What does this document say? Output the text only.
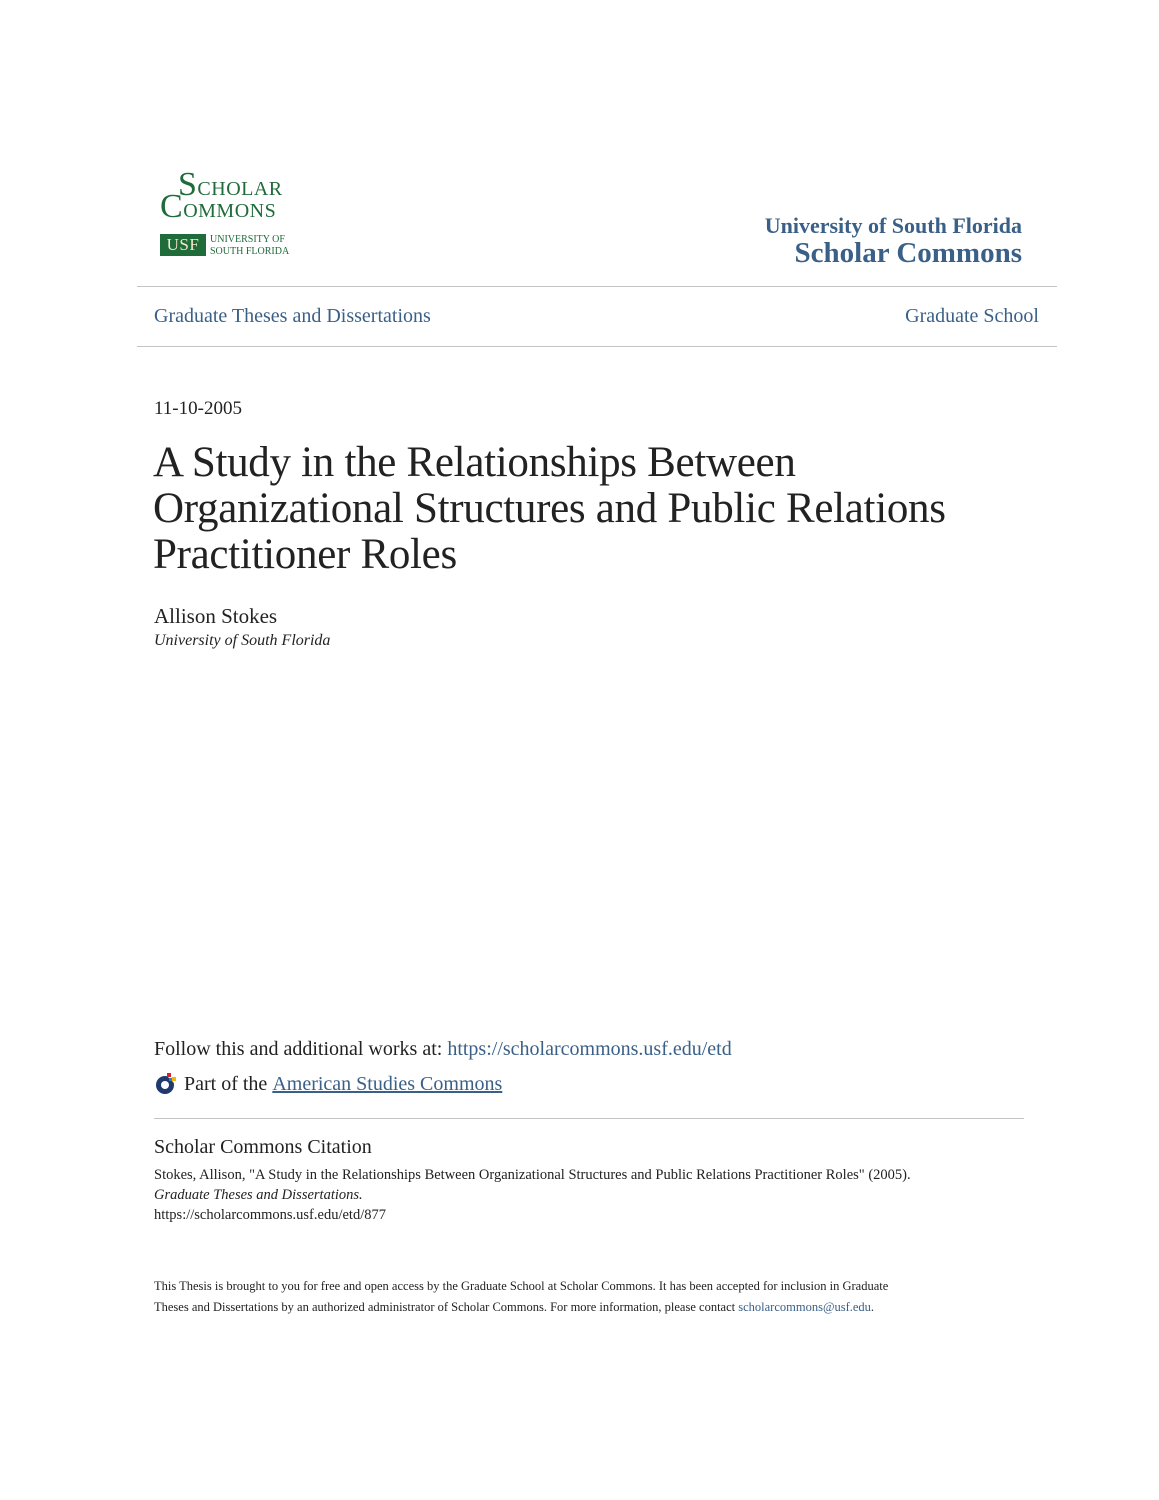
SCHOLAR
COMMONS
USF	UNIVERSITY OF
SOUTH FLORIDA
University of South Florida
Scholar Commons
Graduate Theses and Dissertations	Graduate School
11-10-2005
A Study in the Relationships Between Organizational Structures and Public Relations Practitioner Roles
Allison Stokes
University of South Florida
Follow this and additional works at: https://scholarcommons.usf.edu/etd
Part of the American Studies Commons
Scholar Commons Citation
Stokes, Allison, "A Study in the Relationships Between Organizational Structures and Public Relations Practitioner Roles" (2005).
Graduate Theses and Dissertations.
https://scholarcommons.usf.edu/etd/877
This Thesis is brought to you for free and open access by the Graduate School at Scholar Commons. It has been accepted for inclusion in Graduate
Theses and Dissertations by an authorized administrator of Scholar Commons. For more information, please contact scholarcommons@usf.edu.
